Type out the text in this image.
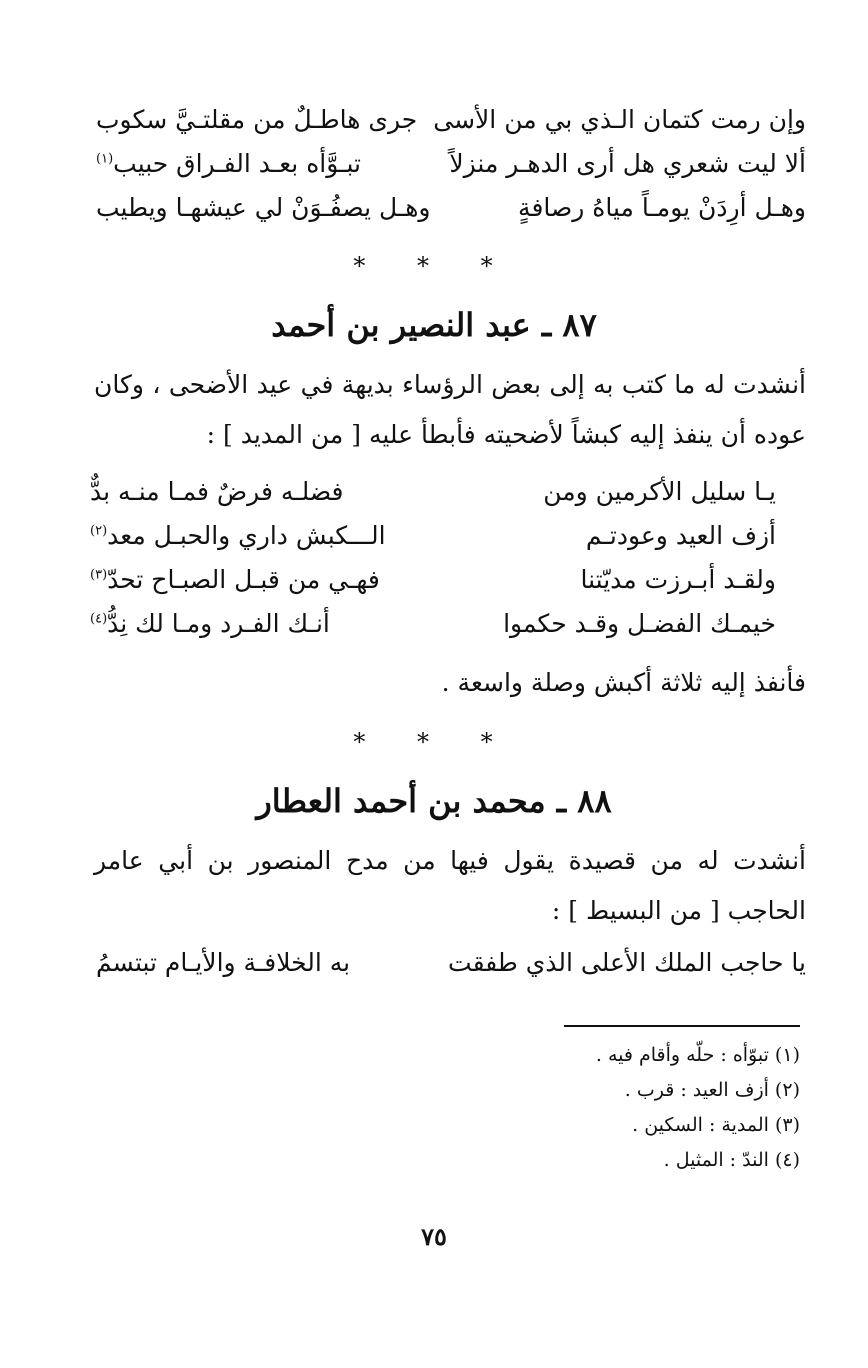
وإن رمت كتمان الـذي بي من الأسى
جرى هاطـلٌ من مقلتـيَّ سكوب
ألا ليت شعري هل أرى الدهـر منزلاً
تبـوَّأه بعـد الفـراق حبيب$^{(١)}$
وهـل أرِدَنْ يومـاً مياهُ رصافةٍ
وهـل يصفُـوَنْ لي عيشهـا ويطيب
* * *
٨٧ ـ عبد النصير بن أحمد
أنشدت له ما كتب به إلى بعض الرؤساء بديهة في عيد الأضحى ، وكان عوده أن ينفذ إليه كبشاً لأضحيته فأبطأ عليه [ من المديد ] :
يـا سليل الأكرمين ومن
فضلـه فرضٌ فمـا منـه بدٌّ
أزف العيد وعودتـم
الـــكبش داري والحبـل معد$^{(٢)}$
ولقـد أبـرزت مديّتنا
فهـي من قبـل الصبـاح تحدّ$^{(٣)}$
خيمـك الفضـل وقـد حكموا
أنـك الفـرد ومـا لك نِدُّ$^{(٤)}$
فأنفذ إليه ثلاثة أكبش وصلة واسعة .
* * *
٨٨ ـ محمد بن أحمد العطار
أنشدت له من قصيدة يقول فيها من مدح المنصور بن أبي عامر الحاجب [ من البسيط ] :
يا حاجب الملك الأعلى الذي طفقت
به الخلافـة والأيـام تبتسمُ
(١) تبوّأه : حلّه وأقام فيه .
(٢) أزف العيد : قرب .
(٣) المدية : السكين .
(٤) الندّ : المثيل .
٧٥
